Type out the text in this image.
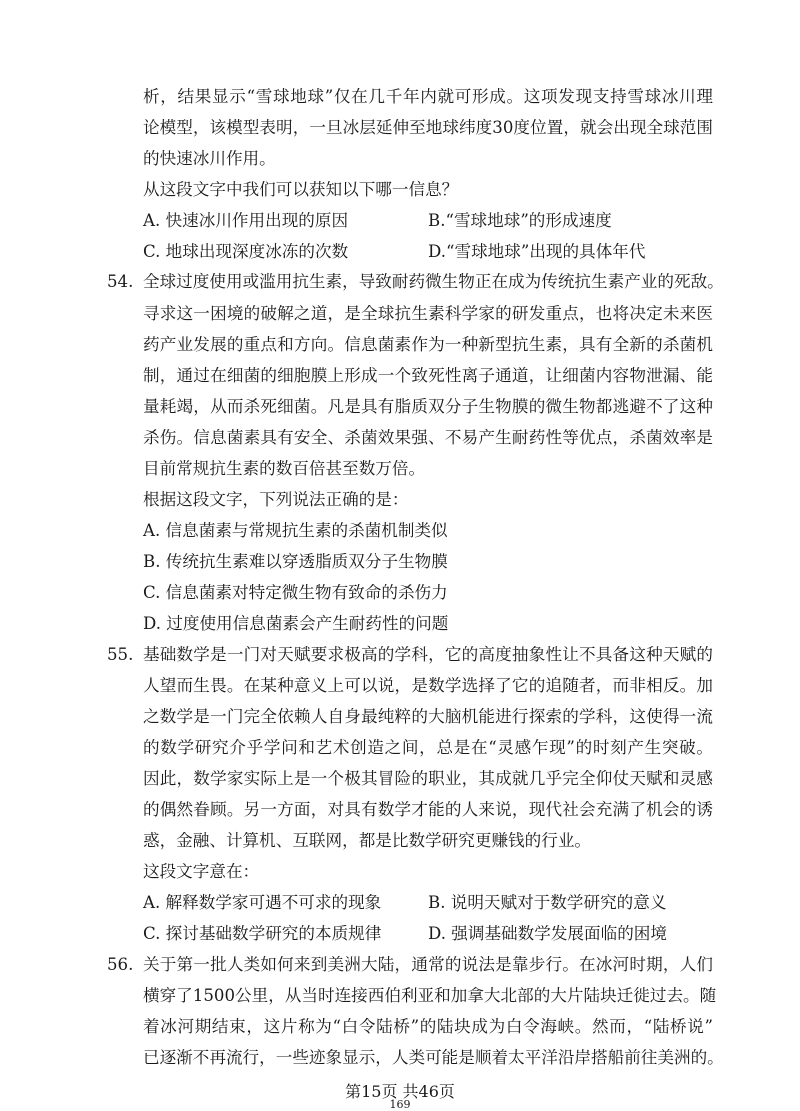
析，结果显示“雪球地球”仅在几千年内就可形成。这项发现支持雪球冰川理
论模型，该模型表明，一旦冰层延伸至地球纬度30度位置，就会出现全球范围
的快速冰川作用。
从这段文字中我们可以获知以下哪一信息？
A. 快速冰川作用出现的原因	B.“雪球地球”的形成速度
C. 地球出现深度冰冻的次数	D.“雪球地球”出现的具体年代
54. 全球过度使用或滥用抗生素，导致耐药微生物正在成为传统抗生素产业的死敌。
寻求这一困境的破解之道，是全球抗生素科学家的研发重点，也将决定未来医
药产业发展的重点和方向。信息菌素作为一种新型抗生素，具有全新的杀菌机
制，通过在细菌的细胞膜上形成一个致死性离子通道，让细菌内容物泄漏、能
量耗竭，从而杀死细菌。凡是具有脂质双分子生物膜的微生物都逃避不了这种
杀伤。信息菌素具有安全、杀菌效果强、不易产生耐药性等优点，杀菌效率是
目前常规抗生素的数百倍甚至数万倍。
根据这段文字，下列说法正确的是：
A. 信息菌素与常规抗生素的杀菌机制类似
B. 传统抗生素难以穿透脂质双分子生物膜
C. 信息菌素对特定微生物有致命的杀伤力
D. 过度使用信息菌素会产生耐药性的问题
55. 基础数学是一门对天赋要求极高的学科，它的高度抽象性让不具备这种天赋的
人望而生畏。在某种意义上可以说，是数学选择了它的追随者，而非相反。加
之数学是一门完全依赖人自身最纯粹的大脑机能进行探索的学科，这使得一流
的数学研究介乎学问和艺术创造之间，总是在“灵感乍现”的时刻产生突破。
因此，数学家实际上是一个极其冒险的职业，其成就几乎完全仰仗天赋和灵感
的偶然眷顾。另一方面，对具有数学才能的人来说，现代社会充满了机会的诱
惑，金融、计算机、互联网，都是比数学研究更赚钱的行业。
这段文字意在：
A. 解释数学家可遇不可求的现象	B. 说明天赋对于数学研究的意义
C. 探讨基础数学研究的本质规律	D. 强调基础数学发展面临的困境
56. 关于第一批人类如何来到美洲大陆，通常的说法是靠步行。在冰河时期，人们
横穿了1500公里，从当时连接西伯利亚和加拿大北部的大片陆块迁徙过去。随
着冰河期结束，这片称为“白令陆桥”的陆块成为白令海峡。然而，“陆桥说”
已逐渐不再流行，一些迹象显示，人类可能是顺着太平洋沿岸搭船前往美洲的。
第15页 共46页
169
